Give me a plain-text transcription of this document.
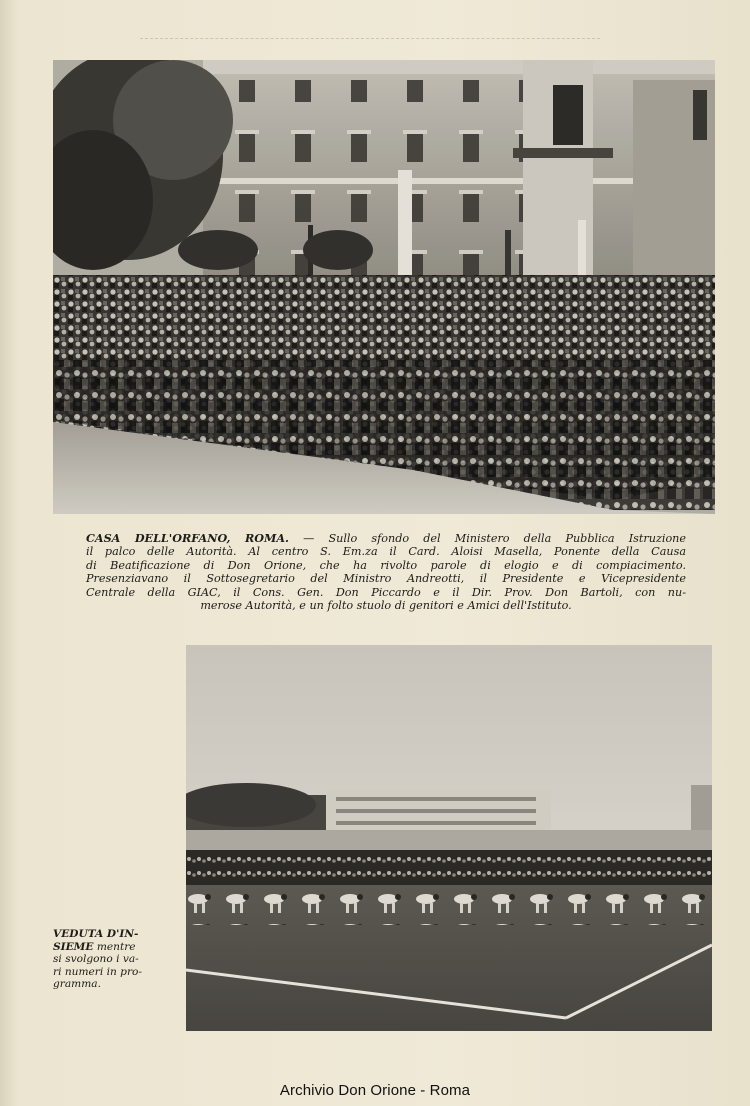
CASA DELL'ORFANO, ROMA. — Sullo sfondo del Ministero della Pubblica Istruzione
il palco delle Autorità. Al centro S. Em.za il Card. Aloisi Masella, Ponente della Causa
di Beatificazione di Don Orione, che ha rivolto parole di elogio e di compiacimento.
Presenziavano il Sottosegretario del Ministro Andreotti, il Presidente e Vicepresidente
Centrale della GIAC, il Cons. Gen. Don Piccardo e il Dir. Prov. Don Bartoli, con nu-
merose Autorità, e un folto stuolo di genitori e Amici dell'Istituto.
VEDUTA D'IN-
SIEME mentre
si svolgono i va-
ri numeri in pro-
gramma.
Archivio Don Orione - Roma
